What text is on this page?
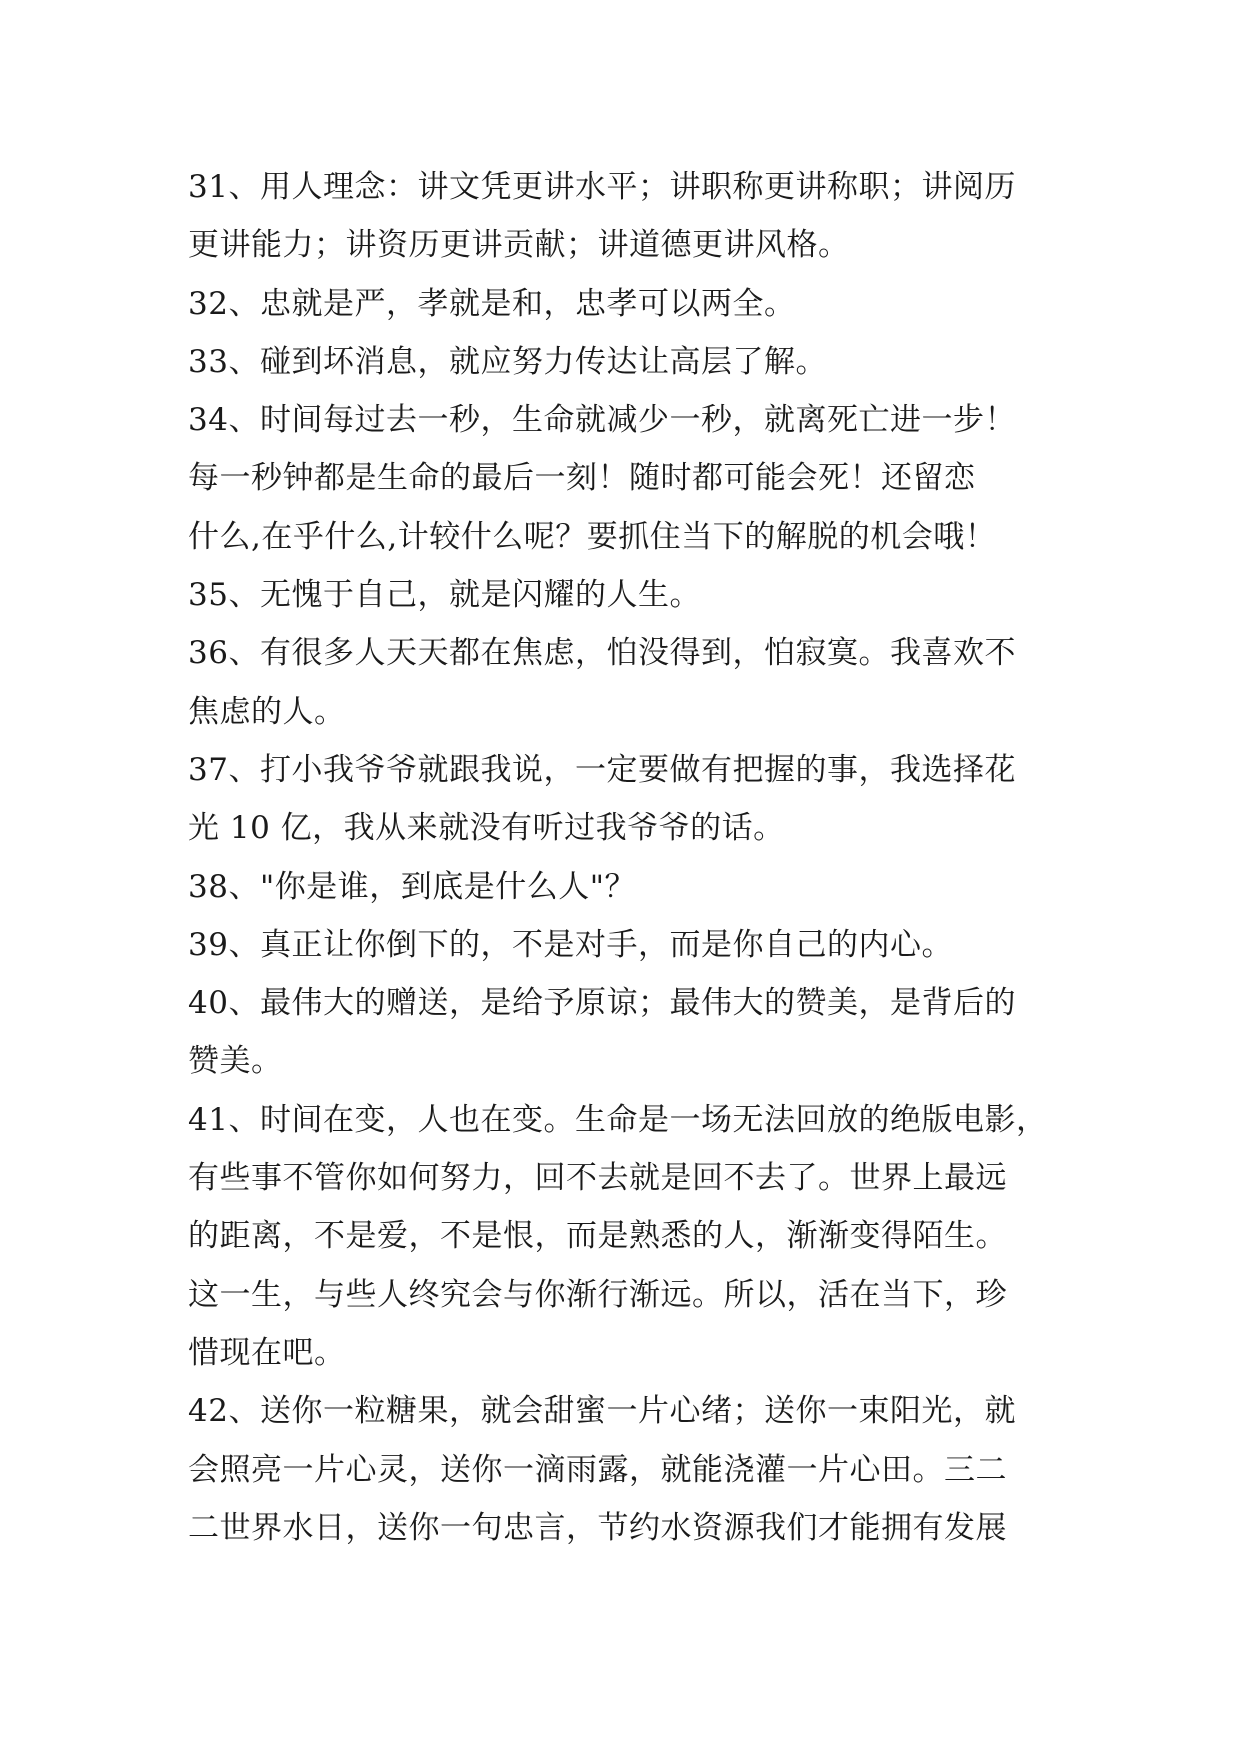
31、用人理念：讲文凭更讲水平；讲职称更讲称职；讲阅历
更讲能力；讲资历更讲贡献；讲道德更讲风格。
32、忠就是严，孝就是和，忠孝可以两全。
33、碰到坏消息，就应努力传达让高层了解。
34、时间每过去一秒，生命就减少一秒，就离死亡进一步！
每一秒钟都是生命的最后一刻！随时都可能会死！还留恋
什么,在乎什么,计较什么呢？要抓住当下的解脱的机会哦！
35、无愧于自己，就是闪耀的人生。
36、有很多人天天都在焦虑，怕没得到，怕寂寞。我喜欢不
焦虑的人。
37、打小我爷爷就跟我说，一定要做有把握的事，我选择花
光 10 亿，我从来就没有听过我爷爷的话。
38、"你是谁，到底是什么人"？
39、真正让你倒下的，不是对手，而是你自己的内心。
40、最伟大的赠送，是给予原谅；最伟大的赞美，是背后的
赞美。
41、时间在变，人也在变。生命是一场无法回放的绝版电影，
有些事不管你如何努力，回不去就是回不去了。世界上最远
的距离，不是爱，不是恨，而是熟悉的人，渐渐变得陌生。
这一生，与些人终究会与你渐行渐远。所以，活在当下，珍
惜现在吧。
42、送你一粒糖果，就会甜蜜一片心绪；送你一束阳光，就
会照亮一片心灵，送你一滴雨露，就能浇灌一片心田。三二
二世界水日，送你一句忠言，节约水资源我们才能拥有发展
